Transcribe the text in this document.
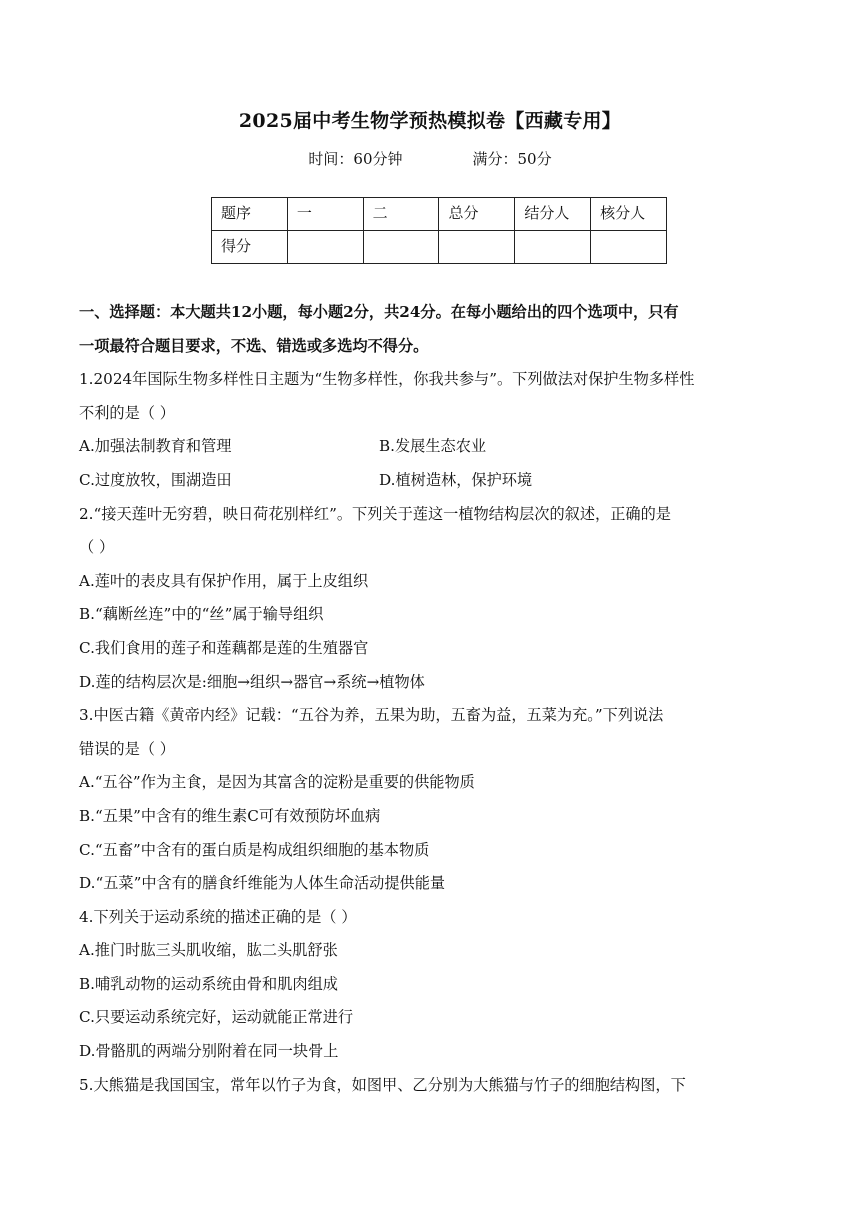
2025届中考生物学预热模拟卷【西藏专用】
时间：60分钟	满分：50分
题序	一	二	总分	结分人	核分人
得分					
一、选择题：本大题共12小题，每小题2分，共24分。在每小题给出的四个选项中，只有
一项最符合题目要求，不选、错选或多选均不得分。
1.2024年国际生物多样性日主题为“生物多样性，你我共参与”。下列做法对保护生物多样性
不利的是（ ）
A.加强法制教育和管理	B.发展生态农业
C.过度放牧，围湖造田	D.植树造林，保护环境
2.“接天莲叶无穷碧，映日荷花别样红”。下列关于莲这一植物结构层次的叙述，正确的是
（ ）
A.莲叶的表皮具有保护作用，属于上皮组织
B.“藕断丝连”中的“丝”属于输导组织
C.我们食用的莲子和莲藕都是莲的生殖器官
D.莲的结构层次是:细胞→组织→器官→系统→植物体
3.中医古籍《黄帝内经》记载：“五谷为养，五果为助，五畜为益，五菜为充。”下列说法
错误的是（ ）
A.“五谷”作为主食，是因为其富含的淀粉是重要的供能物质
B.“五果”中含有的维生素C可有效预防坏血病
C.“五畜”中含有的蛋白质是构成组织细胞的基本物质
D.“五菜”中含有的膳食纤维能为人体生命活动提供能量
4.下列关于运动系统的描述正确的是（ ）
A.推门时肱三头肌收缩，肱二头肌舒张
B.哺乳动物的运动系统由骨和肌肉组成
C.只要运动系统完好，运动就能正常进行
D.骨骼肌的两端分别附着在同一块骨上
5.大熊猫是我国国宝，常年以竹子为食，如图甲、乙分别为大熊猫与竹子的细胞结构图，下
